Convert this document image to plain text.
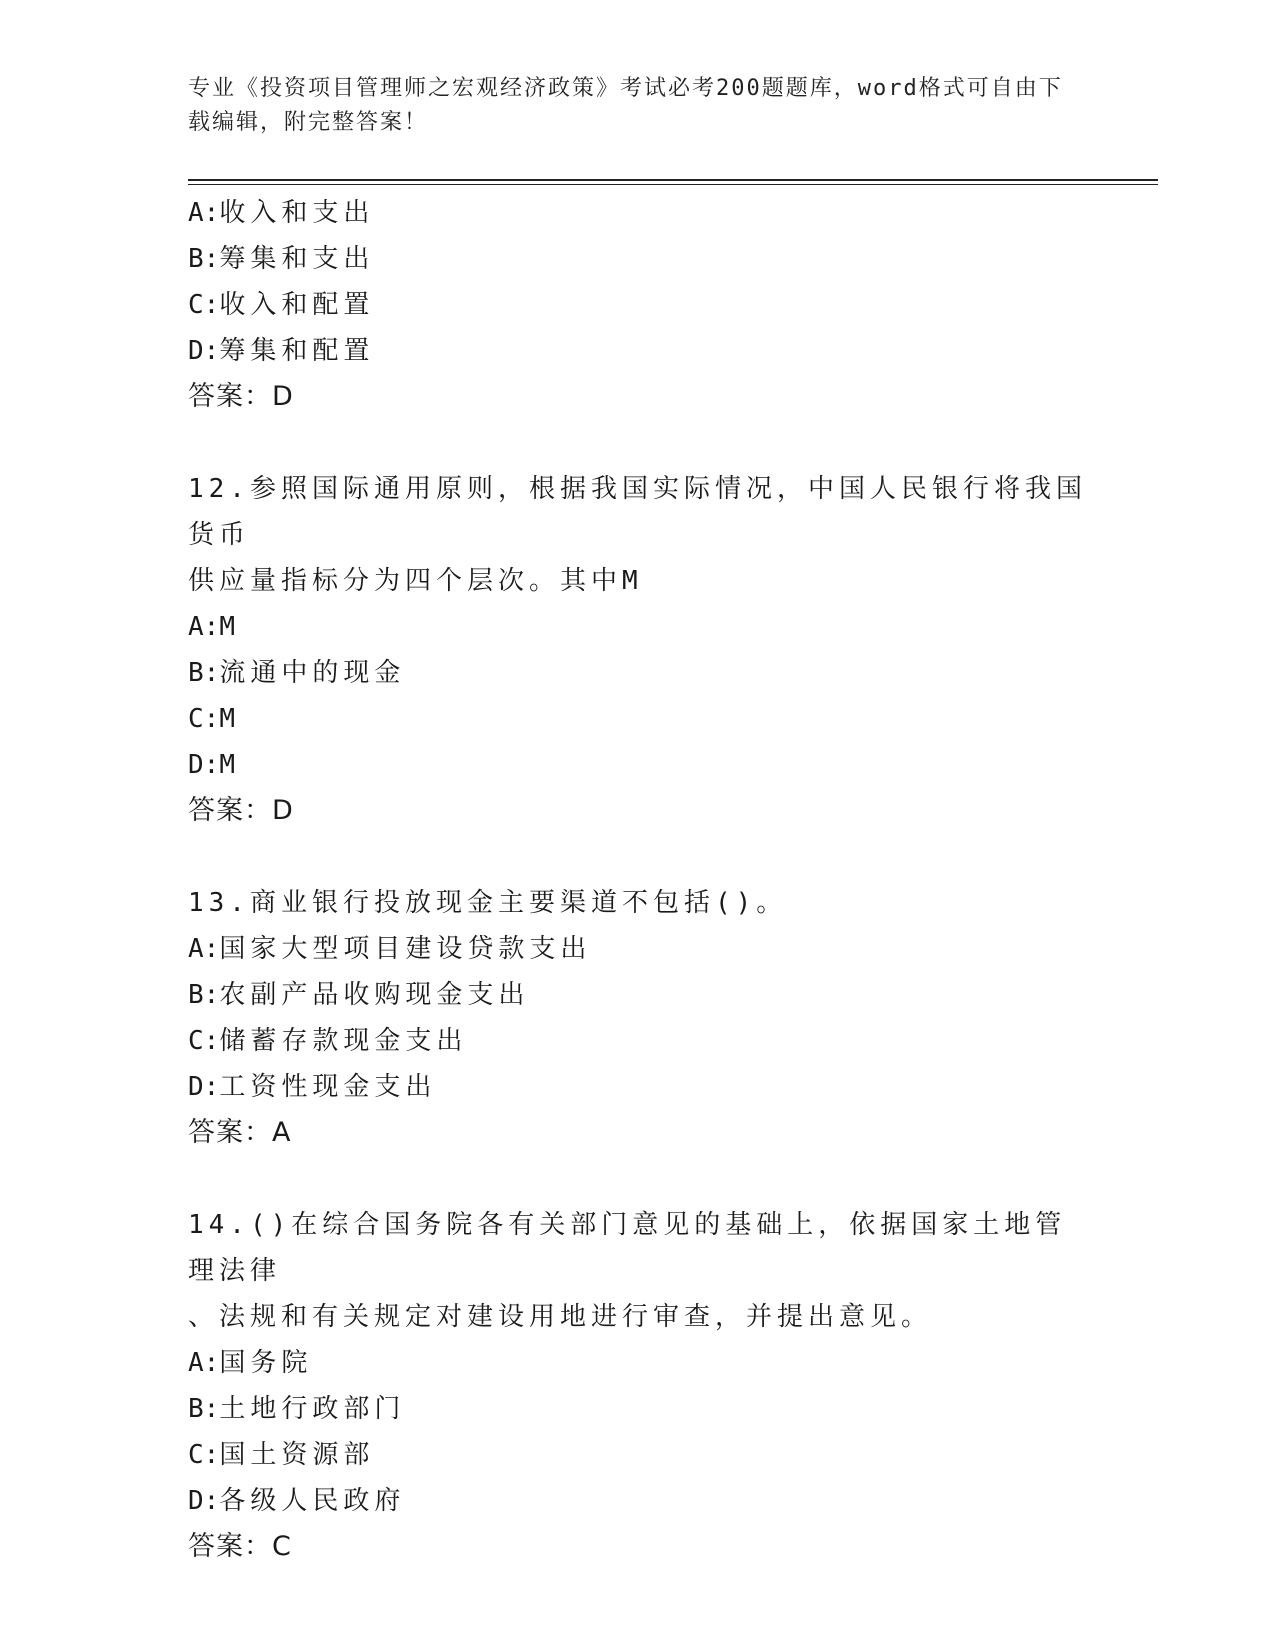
专业《投资项目管理师之宏观经济政策》考试必考200题题库，word格式可自由下载编辑，附完整答案！
A:收入和支出
B:筹集和支出
C:收入和配置
D:筹集和配置
答案：D
12.参照国际通用原则，根据我国实际情况，中国人民银行将我国货币
供应量指标分为四个层次。其中M
A:M
B:流通中的现金
C:M
D:M
答案：D
13.商业银行投放现金主要渠道不包括()。
A:国家大型项目建设贷款支出
B:农副产品收购现金支出
C:储蓄存款现金支出
D:工资性现金支出
答案：A
14.()在综合国务院各有关部门意见的基础上，依据国家土地管理法律
、法规和有关规定对建设用地进行审查，并提出意见。
A:国务院
B:土地行政部门
C:国土资源部
D:各级人民政府
答案：C
